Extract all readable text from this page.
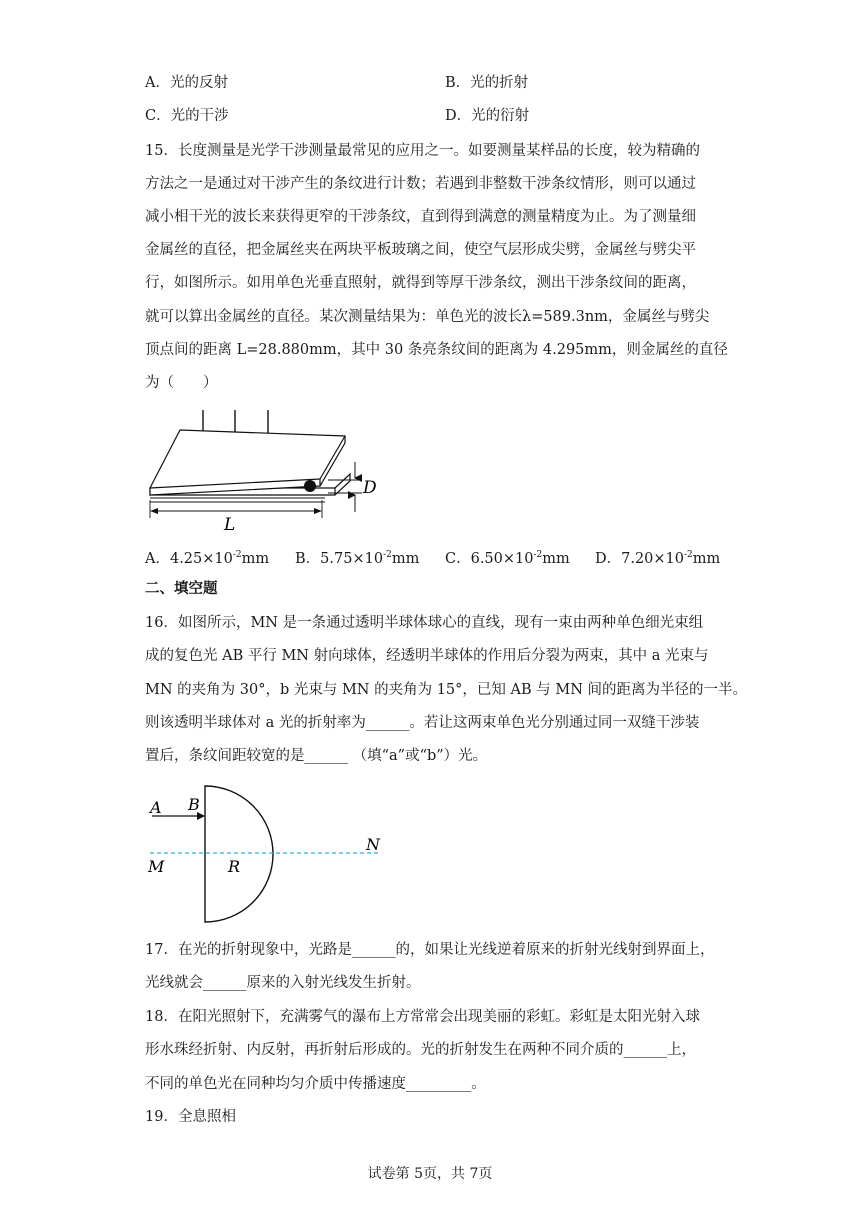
A．光的反射	B．光的折射
C．光的干涉	D．光的衍射
15．长度测量是光学干涉测量最常见的应用之一。如要测量某样品的长度，较为精确的
方法之一是通过对干涉产生的条纹进行计数；若遇到非整数干涉条纹情形，则可以通过
减小相干光的波长来获得更窄的干涉条纹，直到得到满意的测量精度为止。为了测量细
金属丝的直径，把金属丝夹在两块平板玻璃之间，使空气层形成尖劈，金属丝与劈尖平
行，如图所示。如用单色光垂直照射，就得到等厚干涉条纹，测出干涉条纹间的距离，
就可以算出金属丝的直径。某次测量结果为：单色光的波长λ=589.3nm，金属丝与劈尖
顶点间的距离 L=28.880mm，其中 30 条亮条纹间的距离为 4.295mm，则金属丝的直径
为（　　）
D
L
A．$4.25\times 10^{-2}mm$ B．$5.75\times 10^{-2}mm$ C．$6.50\times 10^{-2}mm$ D．$7.20\times 10^{-2}mm$
二、填空题
16．如图所示，MN 是一条通过透明半球体球心的直线，现有一束由两种单色细光束组
成的复色光 AB 平行 MN 射向球体，经透明半球体的作用后分裂为两束，其中 a 光束与
MN 的夹角为 30°，b 光束与 MN 的夹角为 15°，已知 AB 与 MN 间的距离为半径的一半。
则该透明半球体对 a 光的折射率为______。若让这两束单色光分别通过同一双缝干涉装
置后，条纹间距较宽的是______ （填“a”或“b”）光。
A B
N
M	R
17．在光的折射现象中，光路是______的，如果让光线逆着原来的折射光线射到界面上，
光线就会______原来的入射光线发生折射。
18．在阳光照射下，充满雾气的瀑布上方常常会出现美丽的彩虹。彩虹是太阳光射入球
形水珠经折射、内反射，再折射后形成的。光的折射发生在两种不同介质的______上，
不同的单色光在同种均匀介质中传播速度_________。
19．全息照相
试卷第 5页，共 7页
